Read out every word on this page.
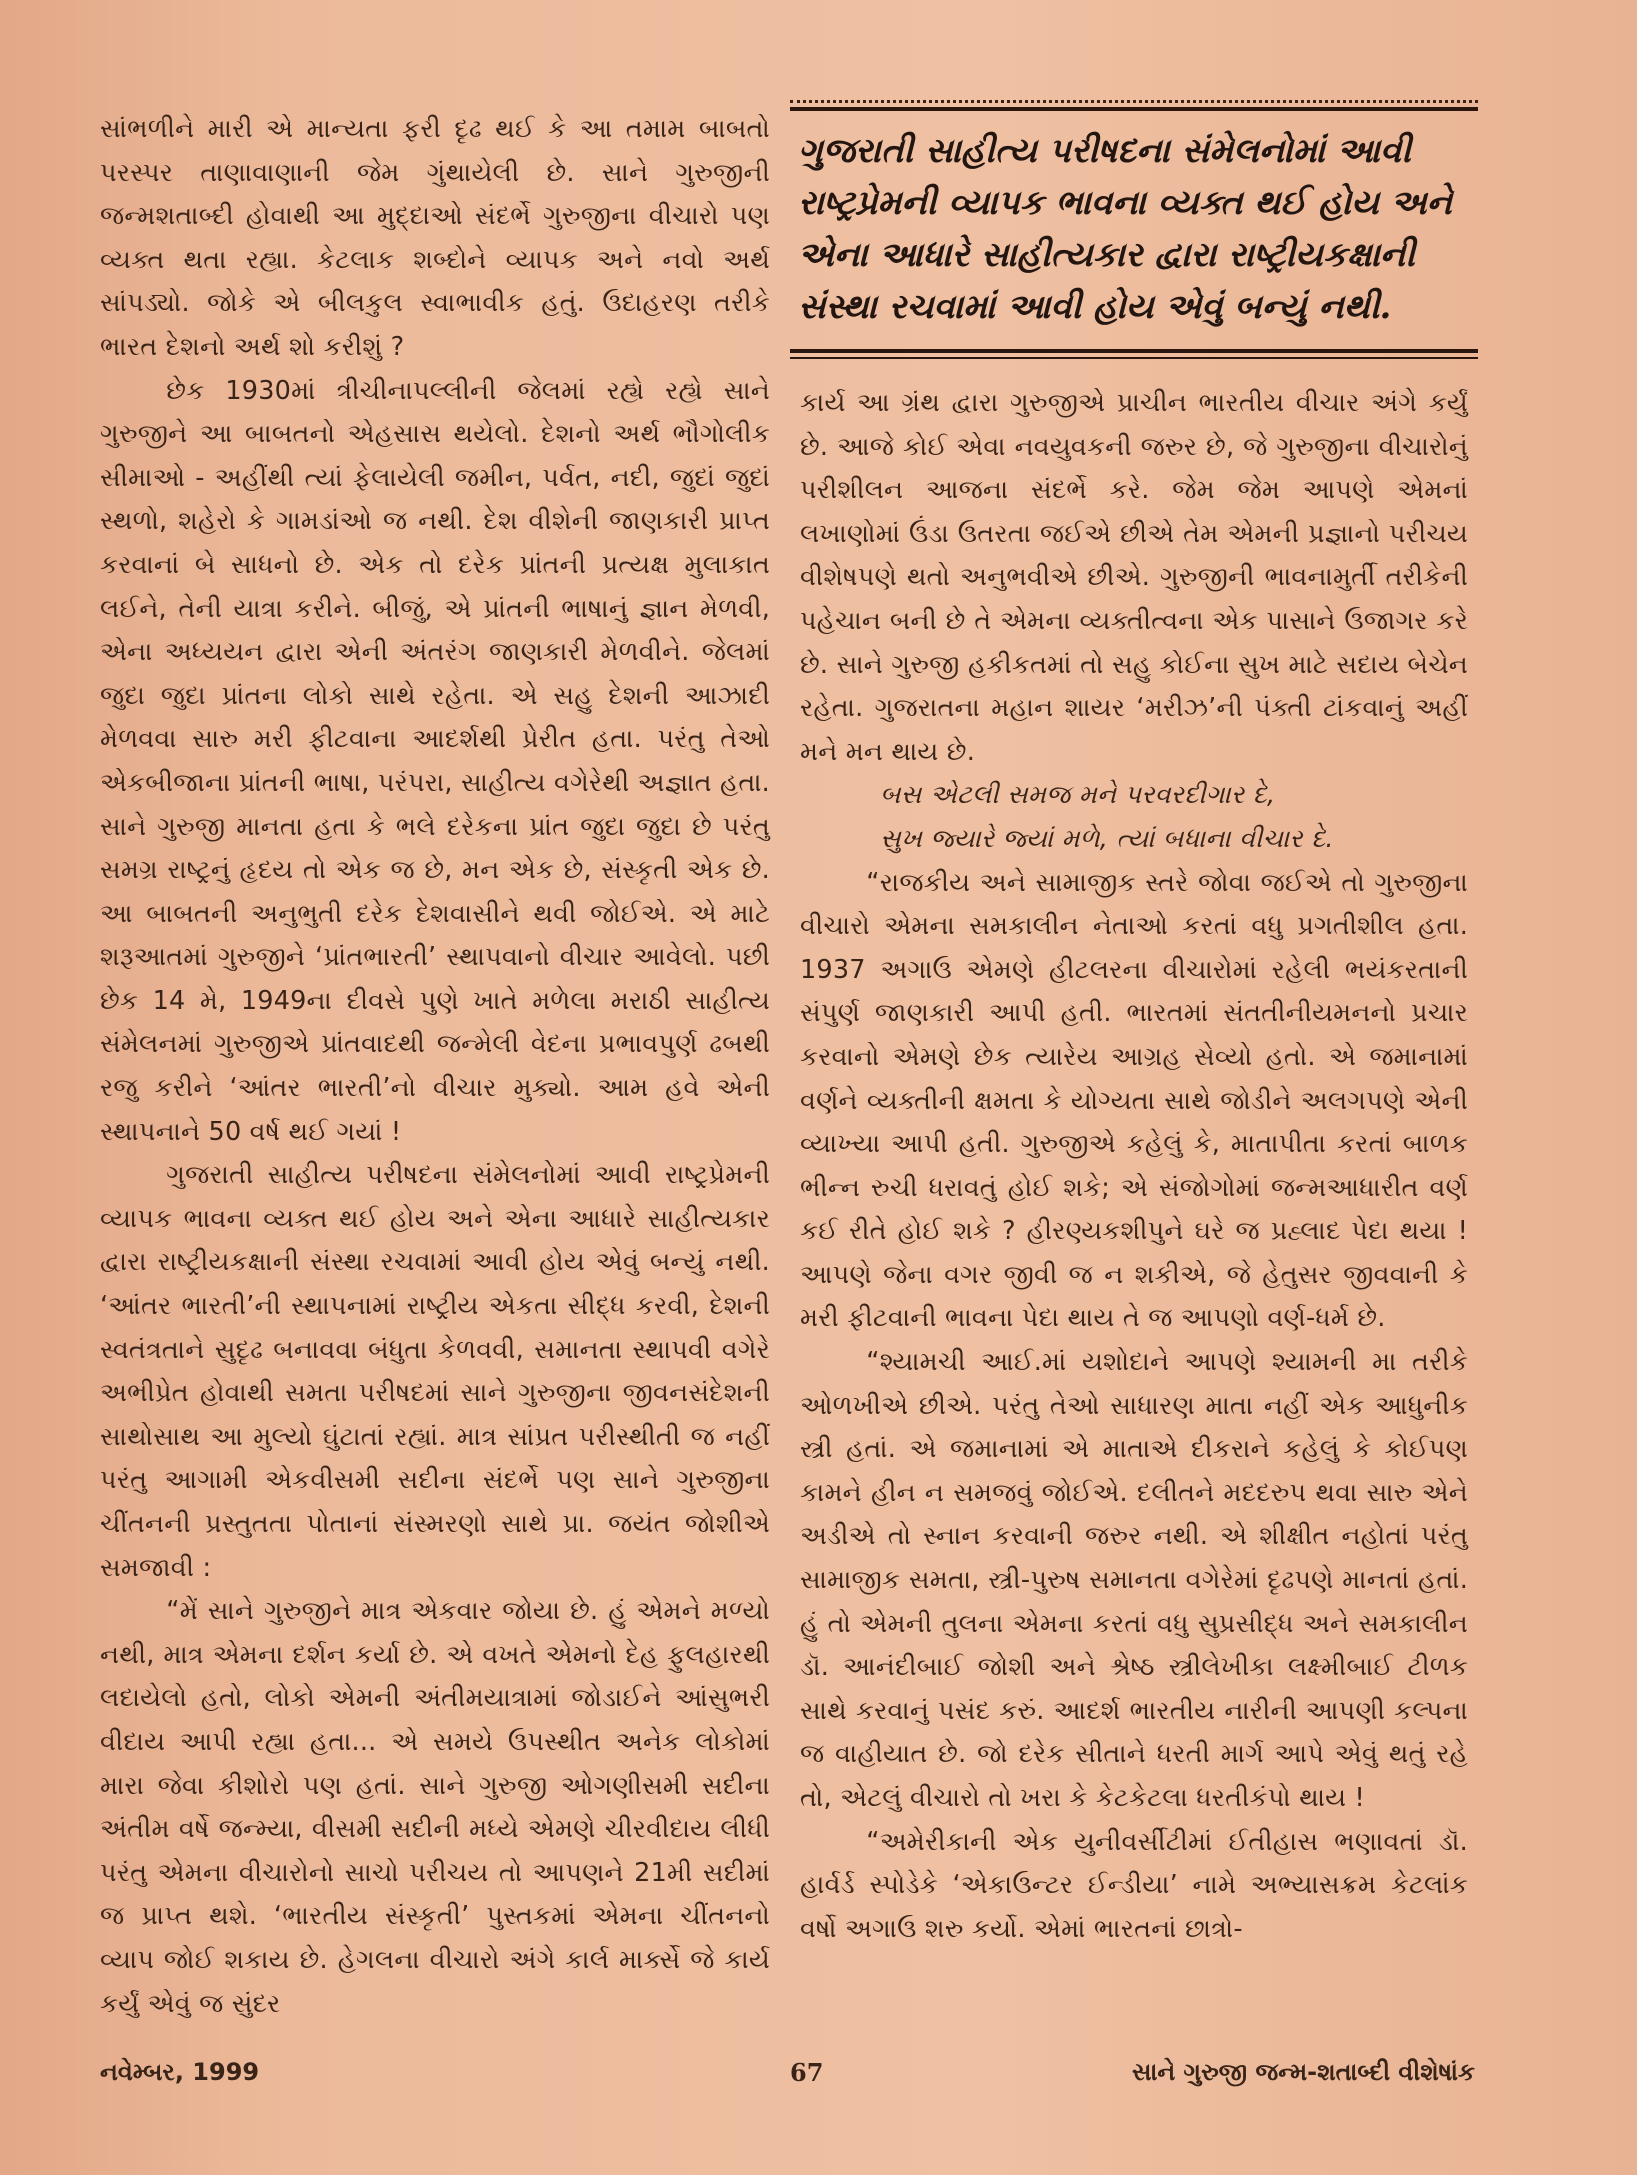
સાંભળીને મારી એ માન્યતા ફરી દૃઢ થઈ કે આ તમામ બાબતો પરસ્પર તાણાવાણાની જેમ ગુંથાયેલી છે. સાને ગુરુજીની જન્મશતાબ્દી હોવાથી આ મુદ્દાઓ સંદર્ભે ગુરુજીના વીચારો પણ વ્યક્ત થતા રહ્યા. કેટલાક શબ્દોને વ્યાપક અને નવો અર્થ સાંપડ્યો. જોકે એ બીલકુલ સ્વાભાવીક હતું. ઉદાહરણ તરીકે ભારત દેશનો અર્થ શો કરીશું ?

છેક 1930માં ત્રીચીનાપલ્લીની જેલમાં રહ્યે રહ્યે સાને ગુરુજીને આ બાબતનો એહસાસ થયેલો. દેશનો અર્થ ભૌગોલીક સીમાઓ - અહીંથી ત્યાં ફેલાયેલી જમીન, પર્વત, નદી, જુદાં જુદાં સ્થળો, શહેરો કે ગામડાંઓ જ નથી. દેશ વીશેની જાણકારી પ્રાપ્ત કરવાનાં બે સાધનો છે. એક તો દરેક પ્રાંતની પ્રત્યક્ષ મુલાકાત લઈને, તેની યાત્રા કરીને. બીજું, એ પ્રાંતની ભાષાનું જ્ઞાન મેળવી, એના અધ્યયન દ્વારા એની અંતરંગ જાણકારી મેળવીને. જેલમાં જુદા જુદા પ્રાંતના લોકો સાથે રહેતા. એ સહુ દેશની આઝાદી મેળવવા સારુ મરી ફીટવાના આદર્શથી પ્રેરીત હતા. પરંતુ તેઓ એકબીજાના પ્રાંતની ભાષા, પરંપરા, સાહીત્ય વગેરેથી અજ્ઞાત હતા. સાને ગુરુજી માનતા હતા કે ભલે દરેકના પ્રાંત જુદા જુદા છે પરંતુ સમગ્ર રાષ્ટ્રનું હૃદય તો એક જ છે, મન એક છે, સંસ્કૃતી એક છે. આ બાબતની અનુભુતી દરેક દેશવાસીને થવી જોઈએ. એ માટે શરૂઆતમાં ગુરુજીને ‘પ્રાંતભારતી’ સ્થાપવાનો વીચાર આવેલો. પછી છેક 14 મે, 1949ના દીવસે પુણે ખાતે મળેલા મરાઠી સાહીત્ય સંમેલનમાં ગુરુજીએ પ્રાંતવાદથી જન્મેલી વેદના પ્રભાવપુર્ણ ઢબથી રજુ કરીને ‘આંતર ભારતી’નો વીચાર મુક્યો. આમ હવે એની સ્થાપનાને 50 વર્ષ થઈ ગયાં !

ગુજરાતી સાહીત્ય પરીષદના સંમેલનોમાં આવી રાષ્ટ્રપ્રેમની વ્યાપક ભાવના વ્યક્ત થઈ હોય અને એના આધારે સાહીત્યકાર દ્વારા રાષ્ટ્રીયકક્ષાની સંસ્થા રચવામાં આવી હોય એવું બન્યું નથી. ‘આંતર ભારતી’ની સ્થાપનામાં રાષ્ટ્રીય એકતા સીદ્ધ કરવી, દેશની સ્વતંત્રતાને સુદૃઢ બનાવવા બંધુતા કેળવવી, સમાનતા સ્થાપવી વગેરે અભીપ્રેત હોવાથી સમતા પરીષદમાં સાને ગુરુજીના જીવનસંદેશની સાથોસાથ આ મુલ્યો ઘુંટાતાં રહ્યાં. માત્ર સાંપ્રત પરીસ્થીતી જ નહીં પરંતુ આગામી એકવીસમી સદીના સંદર્ભે પણ સાને ગુરુજીના ચીંતનની પ્રસ્તુતતા પોતાનાં સંસ્મરણો સાથે પ્રા. જયંત જોશીએ સમજાવી :

“મેં સાને ગુરુજીને માત્ર એકવાર જોયા છે. હું એમને મળ્યો નથી, માત્ર એમના દર્શન કર્યા છે. એ વખતે એમનો દેહ ફુલહારથી લદાયેલો હતો, લોકો એમની અંતીમયાત્રામાં જોડાઈને આંસુભરી વીદાય આપી રહ્યા હતા... એ સમયે ઉપસ્થીત અનેક લોકોમાં મારા જેવા કીશોરો પણ હતાં. સાને ગુરુજી ઓગણીસમી સદીના અંતીમ વર્ષે જન્મ્યા, વીસમી સદીની મધ્યે એમણે ચીરવીદાય લીધી પરંતુ એમના વીચારોનો સાચો પરીચય તો આપણને 21મી સદીમાં જ પ્રાપ્ત થશે. ‘ભારતીય સંસ્કૃતી’ પુસ્તકમાં એમના ચીંતનનો વ્યાપ જોઈ શકાય છે. હેગલના વીચારો અંગે કાર્લ માર્ક્સે જે કાર્ય કર્યું એવું જ સુંદર

ગુજરાતી સાહીત્ય પરીષદના સંમેલનોમાં આવી રાષ્ટ્રપ્રેમની વ્યાપક ભાવના વ્યક્ત થઈ હોય અને એના આધારે સાહીત્યકાર દ્વારા રાષ્ટ્રીયકક્ષાની સંસ્થા રચવામાં આવી હોય એવું બન્યું નથી.

કાર્ય આ ગ્રંથ દ્વારા ગુરુજીએ પ્રાચીન ભારતીય વીચાર અંગે કર્યું છે. આજે કોઈ એવા નવયુવકની જરુર છે, જે ગુરુજીના વીચારોનું પરીશીલન આજના સંદર્ભે કરે. જેમ જેમ આપણે એમનાં લખાણોમાં ઉંડા ઉતરતા જઈએ છીએ તેમ એમની પ્રજ્ઞાનો પરીચય વીશેષપણે થતો અનુભવીએ છીએ. ગુરુજીની ભાવનામુર્તી તરીકેની પહેચાન બની છે તે એમના વ્યક્તીત્વના એક પાસાને ઉજાગર કરે છે. સાને ગુરુજી હકીકતમાં તો સહુ કોઈના સુખ માટે સદાય બેચેન રહેતા. ગુજરાતના મહાન શાયર ‘મરીઝ’ની પંક્તી ટાંકવાનું અહીં મને મન થાય છે.

બસ એટલી સમજ મને પરવરદીગાર દે,

સુખ જ્યારે જ્યાં મળે, ત્યાં બધાના વીચાર દે.

“રાજકીય અને સામાજીક સ્તરે જોવા જઈએ તો ગુરુજીના વીચારો એમના સમકાલીન નેતાઓ કરતાં વધુ પ્રગતીશીલ હતા. 1937 અગાઉ એમણે હીટલરના વીચારોમાં રહેલી ભયંકરતાની સંપુર્ણ જાણકારી આપી હતી. ભારતમાં સંતતીનીયમનનો પ્રચાર કરવાનો એમણે છેક ત્યારેય આગ્રહ સેવ્યો હતો. એ જમાનામાં વર્ણને વ્યક્તીની ક્ષમતા કે યોગ્યતા સાથે જોડીને અલગપણે એની વ્યાખ્યા આપી હતી. ગુરુજીએ કહેલું કે, માતાપીતા કરતાં બાળક ભીન્ન રુચી ધરાવતું હોઈ શકે; એ સંજોગોમાં જન્મઆધારીત વર્ણ કઈ રીતે હોઈ શકે ? હીરણ્યકશીપુને ઘરે જ પ્રહ્લાદ પેદા થયા ! આપણે જેના વગર જીવી જ ન શકીએ, જે હેતુસર જીવવાની કે મરી ફીટવાની ભાવના પેદા થાય તે જ આપણો વર્ણ-ધર્મ છે.

“શ્યામચી આઈ.માં યશોદાને આપણે શ્યામની મા તરીકે ઓળખીએ છીએ. પરંતુ તેઓ સાધારણ માતા નહીં એક આધુનીક સ્ત્રી હતાં. એ જમાનામાં એ માતાએ દીકરાને કહેલું કે કોઈપણ કામને હીન ન સમજવું જોઈએ. દલીતને મદદરુપ થવા સારુ એને અડીએ તો સ્નાન કરવાની જરુર નથી. એ શીક્ષીત નહોતાં પરંતુ સામાજીક સમતા, સ્ત્રી-પુરુષ સમાનતા વગેરેમાં દૃઢપણે માનતાં હતાં. હું તો એમની તુલના એમના કરતાં વધુ સુપ્રસીદ્ધ અને સમકાલીન ડૉ. આનંદીબાઈ જોશી અને શ્રેષ્ઠ સ્ત્રીલેખીકા લક્ષ્મીબાઈ ટીળક સાથે કરવાનું પસંદ કરું. આદર્શ ભારતીય નારીની આપણી કલ્પના જ વાહીયાત છે. જો દરેક સીતાને ધરતી માર્ગ આપે એવું થતું રહે તો, એટલું વીચારો તો ખરા કે કેટકેટલા ધરતીકંપો થાય !

“અમેરીકાની એક યુનીવર્સીટીમાં ઈતીહાસ ભણાવતાં ડૉ. હાર્વર્ડ સ્પોડેકે ‘એકાઉન્ટર ઈન્ડીયા’ નામે અભ્યાસક્રમ કેટલાંક વર્ષો અગાઉ શરુ કર્યો. એમાં ભારતનાં છાત્રો-

નવેમ્બર, 1999	67	સાને ગુરુજી જન્મ-શતાબ્દી વીશેષાંક
